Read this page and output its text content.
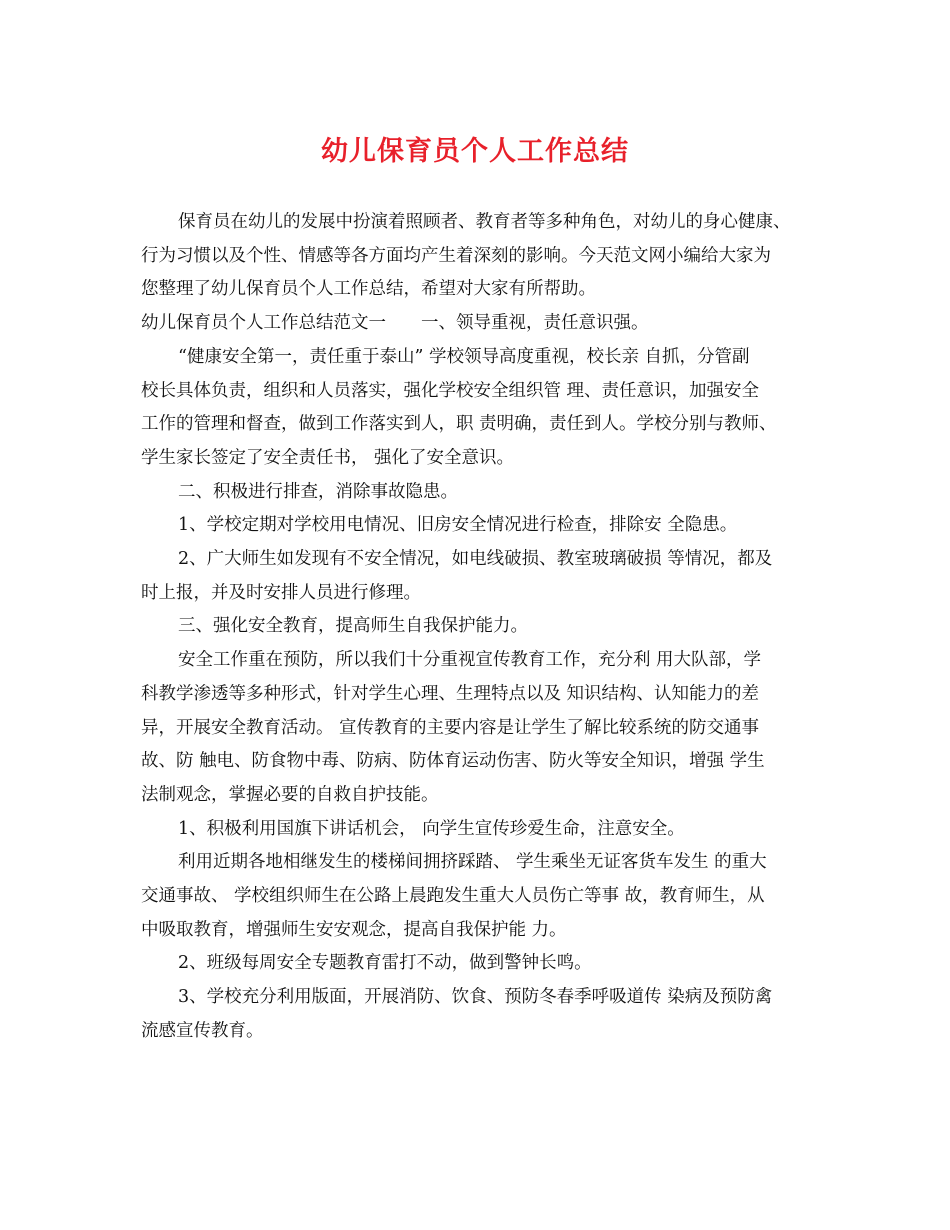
幼儿保育员个人工作总结
保育员在幼儿的发展中扮演着照顾者、教育者等多种角色，对幼儿的身心健康、
行为习惯以及个性、情感等各方面均产生着深刻的影响。今天范文网小编给大家为
您整理了幼儿保育员个人工作总结，希望对大家有所帮助。
幼儿保育员个人工作总结范文一　　一、领导重视，责任意识强。
“健康安全第一，责任重于泰山” 学校领导高度重视，校长亲 自抓，分管副
校长具体负责，组织和人员落实，强化学校安全组织管 理、责任意识，加强安全
工作的管理和督查，做到工作落实到人，职 责明确，责任到人。学校分别与教师、
学生家长签定了安全责任书， 强化了安全意识。
二、积极进行排查，消除事故隐患。
1、学校定期对学校用电情况、旧房安全情况进行检查，排除安 全隐患。
2、广大师生如发现有不安全情况，如电线破损、教室玻璃破损 等情况，都及
时上报，并及时安排人员进行修理。
三、强化安全教育，提高师生自我保护能力。
安全工作重在预防，所以我们十分重视宣传教育工作，充分利 用大队部，学
科教学渗透等多种形式，针对学生心理、生理特点以及 知识结构、认知能力的差
异，开展安全教育活动。 宣传教育的主要内容是让学生了解比较系统的防交通事
故、防 触电、防食物中毒、防病、防体育运动伤害、防火等安全知识，增强 学生
法制观念，掌握必要的自救自护技能。
1、积极利用国旗下讲话机会， 向学生宣传珍爱生命，注意安全。
利用近期各地相继发生的楼梯间拥挤踩踏、 学生乘坐无证客货车发生 的重大
交通事故、 学校组织师生在公路上晨跑发生重大人员伤亡等事 故，教育师生，从
中吸取教育，增强师生安安观念，提高自我保护能 力。
2、班级每周安全专题教育雷打不动，做到警钟长鸣。
3、学校充分利用版面，开展消防、饮食、预防冬春季呼吸道传 染病及预防禽
流感宣传教育。
